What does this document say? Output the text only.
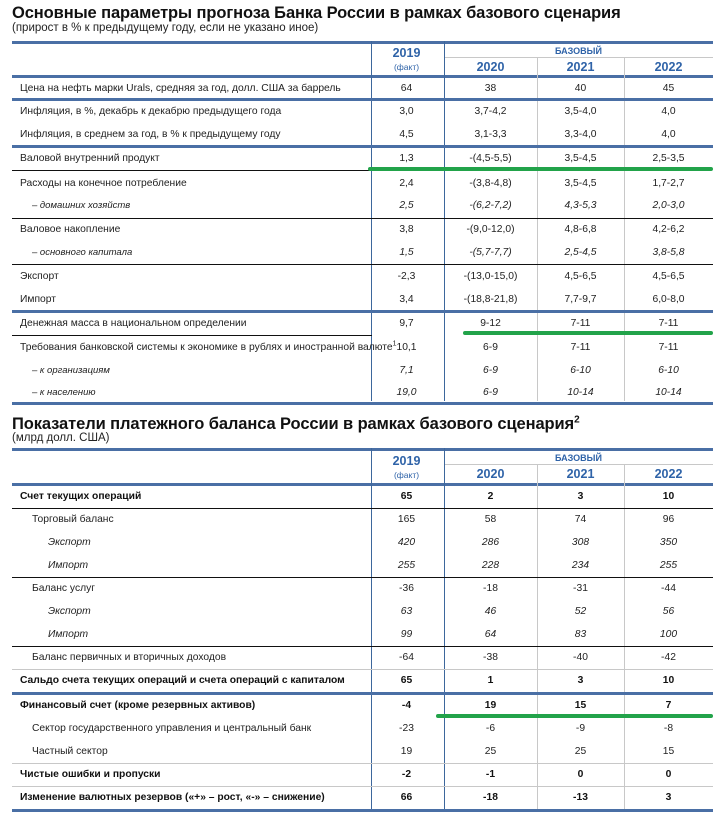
Основные параметры прогноза Банка России в рамках базового сценария
(прирост в % к предыдущему году, если не указано иное)
2019
(факт)
БАЗОВЫЙ
2020	2021	2022
Цена на нефть марки Urals, средняя за год, долл. США за баррель	64	38	40	45
Инфляция, в %, декабрь к декабрю предыдущего года	3,0	3,7-4,2	3,5-4,0	4,0
Инфляция, в среднем за год, в % к предыдущему году	4,5	3,1-3,3	3,3-4,0	4,0
Валовой внутренний продукт	1,3	-(4,5-5,5)	3,5-4,5	2,5-3,5
Расходы на конечное потребление	2,4	-(3,8-4,8)	3,5-4,5	1,7-2,7
– домашних хозяйств	2,5	-(6,2-7,2)	4,3-5,3	2,0-3,0
Валовое накопление	3,8	-(9,0-12,0)	4,8-6,8	4,2-6,2
– основного капитала	1,5	-(5,7-7,7)	2,5-4,5	3,8-5,8
Экспорт	-2,3	-(13,0-15,0)	4,5-6,5	4,5-6,5
Импорт	3,4	-(18,8-21,8)	7,7-9,7	6,0-8,0
Денежная масса в национальном определении	9,7	9-12	7-11	7-11
Требования банковской системы к экономике в рублях и иностранной валюте$^1$ 10,1	6-9	7-11	7-11
– к организациям	7,1	6-9	6-10	6-10
– к населению	19,0	6-9	10-14	10-14
Показатели платежного баланса России в рамках базового сценария$^2$
(млрд долл. США)
2019
(факт)
БАЗОВЫЙ
2020	2021	2022
Счет текущих операций	65	2	3	10
Торговый баланс	165	58	74	96
Экспорт	420	286	308	350
Импорт	255	228	234	255
Баланс услуг	-36	-18	-31	-44
Экспорт	63	46	52	56
Импорт	99	64	83	100
Баланс первичных и вторичных доходов	-64	-38	-40	-42
Сальдо счета текущих операций и счета операций с капиталом	65	1	3	10
Финансовый счет (кроме резервных активов)	-4	19	15	7
Сектор государственного управления и центральный банк	-23	-6	-9	-8
Частный сектор	19	25	25	15
Чистые ошибки и пропуски	-2	-1	0	0
Изменение валютных резервов («+» – рост, «-» – снижение)	66	-18	-13	3
